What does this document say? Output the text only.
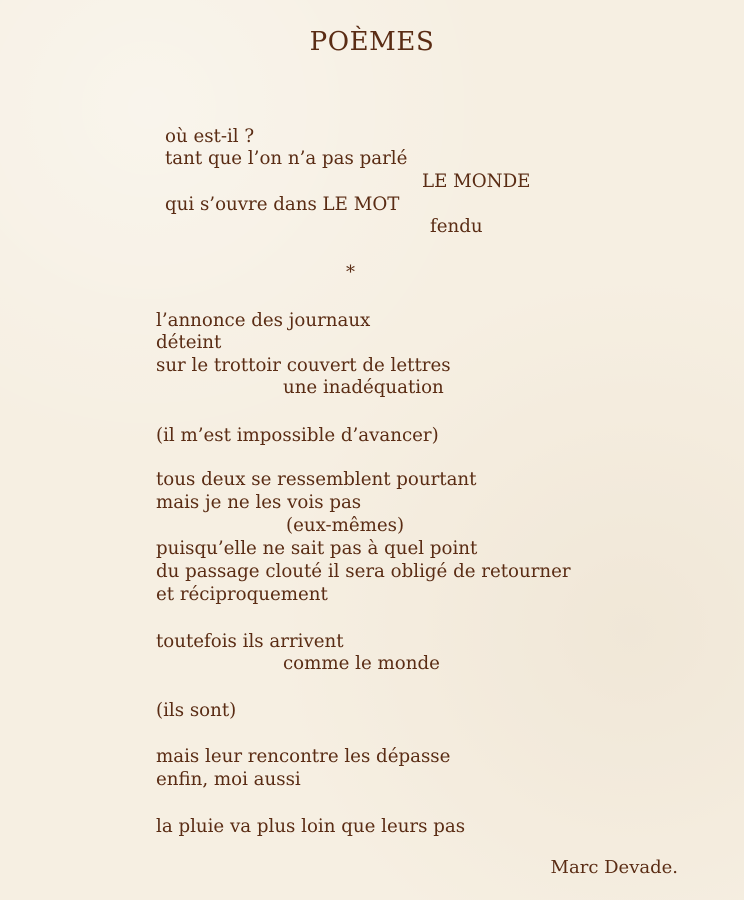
POÈMES

où est-il ?

tant que l’on n’a pas parlé

LE MONDE

qui s’ouvre dans LE MOT

fendu

*

l’annonce des journaux

déteint

sur le trottoir couvert de lettres

une inadéquation

(il m’est impossible d’avancer)

tous deux se ressemblent pourtant

mais je ne les vois pas

(eux-mêmes)

puisqu’elle ne sait pas à quel point

du passage clouté il sera obligé de retourner

et réciproquement

toutefois ils arrivent

comme le monde

(ils sont)

mais leur rencontre les dépasse

enfin, moi aussi

la pluie va plus loin que leurs pas

Marc Devade.
